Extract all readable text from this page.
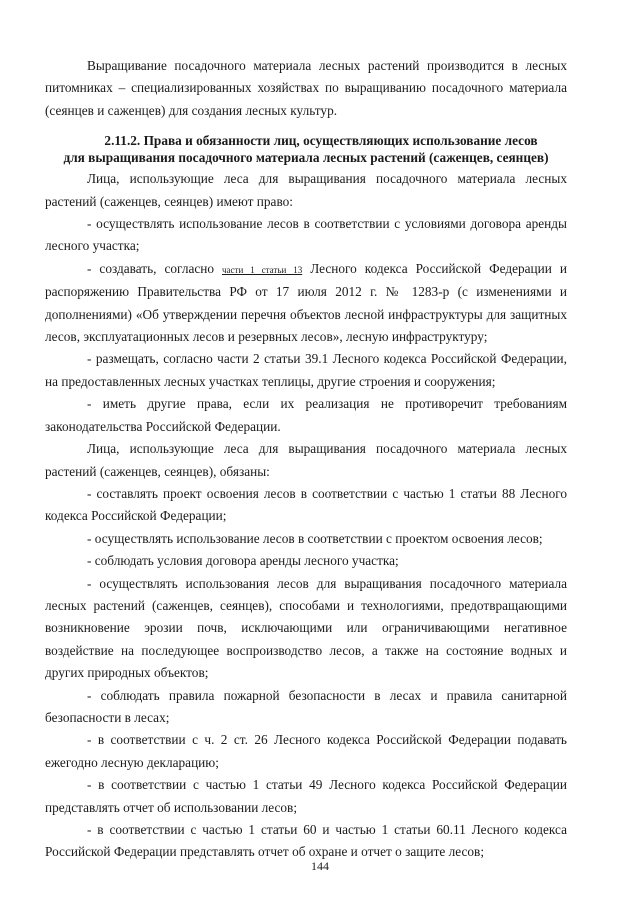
Выращивание посадочного материала лесных растений производится в лесных питомниках – специализированных хозяйствах по выращиванию посадочного материала (сеянцев и саженцев) для создания лесных культур.

2.11.2. Права и обязанности лиц, осуществляющих использование лесов
для выращивания посадочного материала лесных растений (саженцев, сеянцев)

Лица, использующие леса для выращивания посадочного материала лесных растений (саженцев, сеянцев) имеют право:

- осуществлять использование лесов в соответствии с условиями договора аренды лесного участка;

- создавать, согласно части 1 статьи 13 Лесного кодекса Российской Федерации и распоряжению Правительства РФ от 17 июля 2012 г. № 1283-р (с изменениями и дополнениями) «Об утверждении перечня объектов лесной инфраструктуры для защитных лесов, эксплуатационных лесов и резервных лесов», лесную инфраструктуру;

- размещать, согласно части 2 статьи 39.1 Лесного кодекса Российской Федерации, на предоставленных лесных участках теплицы, другие строения и сооружения;

- иметь другие права, если их реализация не противоречит требованиям законодательства Российской Федерации.

Лица, использующие леса для выращивания посадочного материала лесных растений (саженцев, сеянцев), обязаны:

- составлять проект освоения лесов в соответствии с частью 1 статьи 88 Лесного кодекса Российской Федерации;

- осуществлять использование лесов в соответствии с проектом освоения лесов;

- соблюдать условия договора аренды лесного участка;

- осуществлять использования лесов для выращивания посадочного материала лесных растений (саженцев, сеянцев), способами и технологиями, предотвращающими возникновение эрозии почв, исключающими или ограничивающими негативное воздействие на последующее воспроизводство лесов, а также на состояние водных и других природных объектов;

- соблюдать правила пожарной безопасности в лесах и правила санитарной безопасности в лесах;

- в соответствии с ч. 2 ст. 26 Лесного кодекса Российской Федерации подавать ежегодно лесную декларацию;

- в соответствии с частью 1 статьи 49 Лесного кодекса Российской Федерации представлять отчет об использовании лесов;

- в соответствии с частью 1 статьи 60 и частью 1 статьи 60.11 Лесного кодекса Российской Федерации представлять отчет об охране и отчет о защите лесов;

144
